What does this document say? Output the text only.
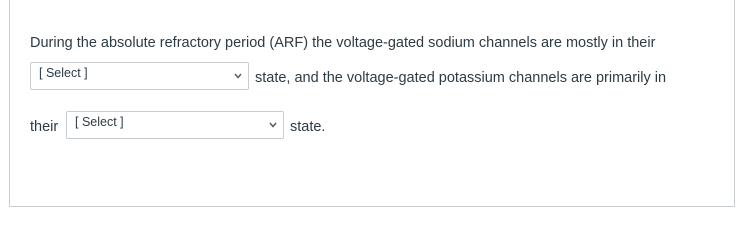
During the absolute refractory period (ARF) the voltage-gated sodium channels are mostly in their
[ Select ]	state, and the voltage-gated potassium channels are primarily in
their	[ Select ]	state.
